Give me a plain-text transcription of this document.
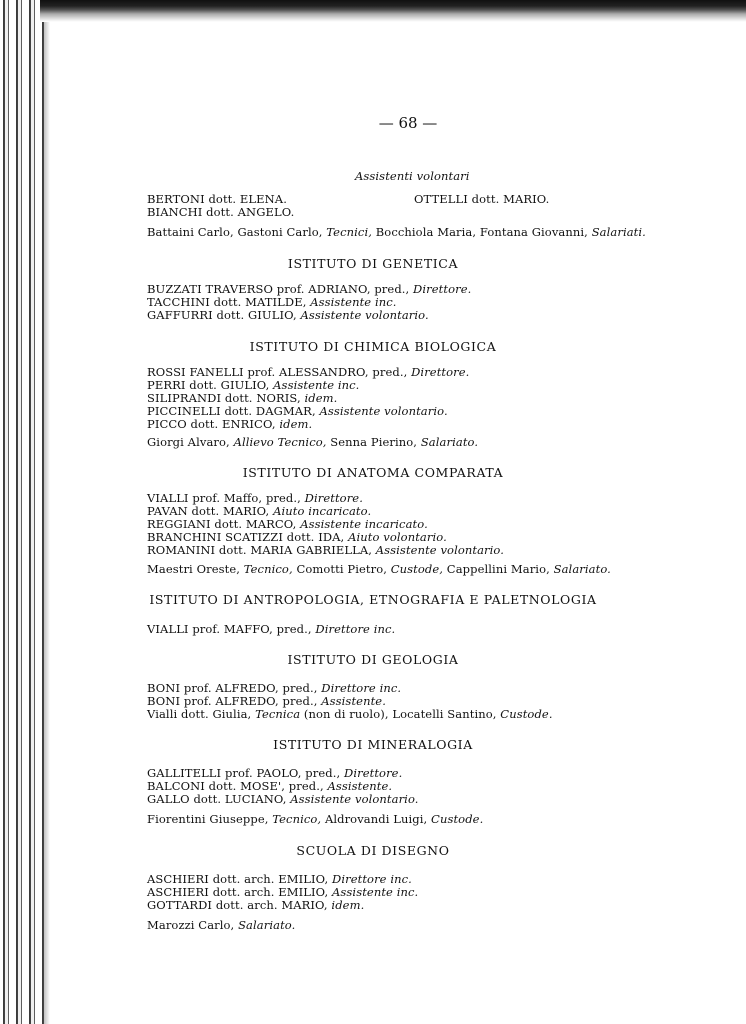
— 68 —
Assistenti volontari
BERTONI dott. ELENA.	OTTELLI dott. MARIO.
BIANCHI dott. ANGELO.
Battaini Carlo, Gastoni Carlo, Tecnici, Bocchiola Maria, Fontana Giovanni, Salariati.
ISTITUTO DI GENETICA
BUZZATI TRAVERSO prof. ADRIANO, pred., Direttore.
TACCHINI dott. MATILDE, Assistente inc.
GAFFURRI dott. GIULIO, Assistente volontario.
ISTITUTO DI CHIMICA BIOLOGICA
ROSSI FANELLI prof. ALESSANDRO, pred., Direttore.
PERRI dott. GIULIO, Assistente inc.
SILIPRANDI dott. NORIS, idem.
PICCINELLI dott. DAGMAR, Assistente volontario.
PICCO dott. ENRICO, idem.
Giorgi Alvaro, Allievo Tecnico, Senna Pierino, Salariato.
ISTITUTO DI ANATOMA COMPARATA
VIALLI prof. Maffo, pred., Direttore.
PAVAN dott. MARIO, Aiuto incaricato.
REGGIANI dott. MARCO, Assistente incaricato.
BRANCHINI SCATIZZI dott. IDA, Aiuto volontario.
ROMANINI dott. MARIA GABRIELLA, Assistente volontario.
Maestri Oreste, Tecnico, Comotti Pietro, Custode, Cappellini Mario, Salariato.
ISTITUTO DI ANTROPOLOGIA, ETNOGRAFIA E PALETNOLOGIA
VIALLI prof. MAFFO, pred., Direttore inc.
ISTITUTO DI GEOLOGIA
BONI prof. ALFREDO, pred., Direttore inc.
BONI prof. ALFREDO, pred., Assistente.
Vialli dott. Giulia, Tecnica (non di ruolo), Locatelli Santino, Custode.
ISTITUTO DI MINERALOGIA
GALLITELLI prof. PAOLO, pred., Direttore.
BALCONI dott. MOSE', pred., Assistente.
GALLO dott. LUCIANO, Assistente volontario.
Fiorentini Giuseppe, Tecnico, Aldrovandi Luigi, Custode.
SCUOLA DI DISEGNO
ASCHIERI dott. arch. EMILIO, Direttore inc.
ASCHIERI dott. arch. EMILIO, Assistente inc.
GOTTARDI dott. arch. MARIO, idem.
Marozzi Carlo, Salariato.
